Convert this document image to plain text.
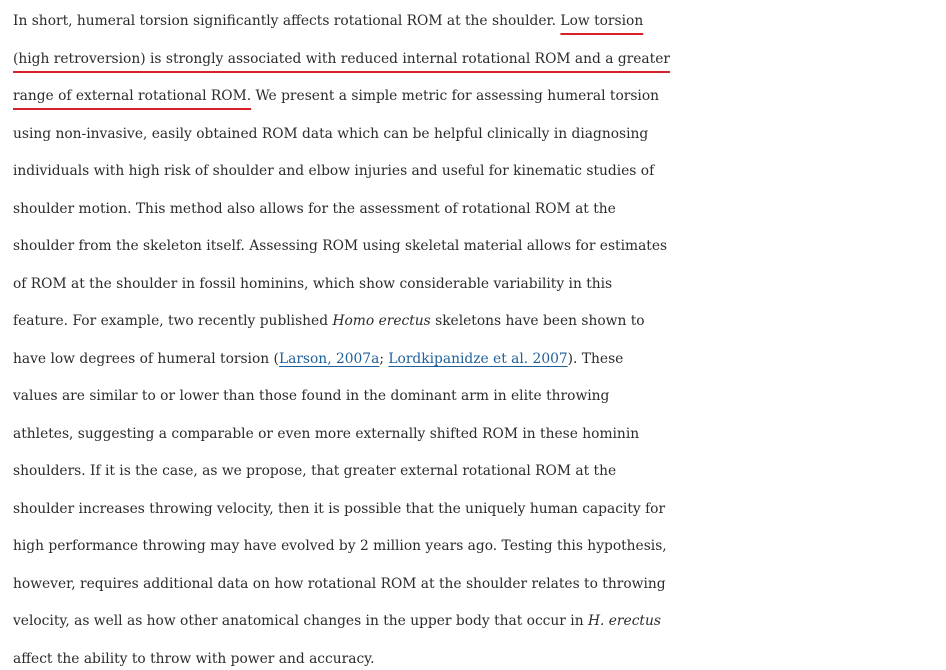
In short, humeral torsion significantly affects rotational ROM at the shoulder. Low torsion
(high retroversion) is strongly associated with reduced internal rotational ROM and a greater
range of external rotational ROM. We present a simple metric for assessing humeral torsion
using non-invasive, easily obtained ROM data which can be helpful clinically in diagnosing
individuals with high risk of shoulder and elbow injuries and useful for kinematic studies of
shoulder motion. This method also allows for the assessment of rotational ROM at the
shoulder from the skeleton itself. Assessing ROM using skeletal material allows for estimates
of ROM at the shoulder in fossil hominins, which show considerable variability in this
feature. For example, two recently published Homo erectus skeletons have been shown to
have low degrees of humeral torsion (Larson, 2007a; Lordkipanidze et al. 2007). These
values are similar to or lower than those found in the dominant arm in elite throwing
athletes, suggesting a comparable or even more externally shifted ROM in these hominin
shoulders. If it is the case, as we propose, that greater external rotational ROM at the
shoulder increases throwing velocity, then it is possible that the uniquely human capacity for
high performance throwing may have evolved by 2 million years ago. Testing this hypothesis,
however, requires additional data on how rotational ROM at the shoulder relates to throwing
velocity, as well as how other anatomical changes in the upper body that occur in H. erectus
affect the ability to throw with power and accuracy.
